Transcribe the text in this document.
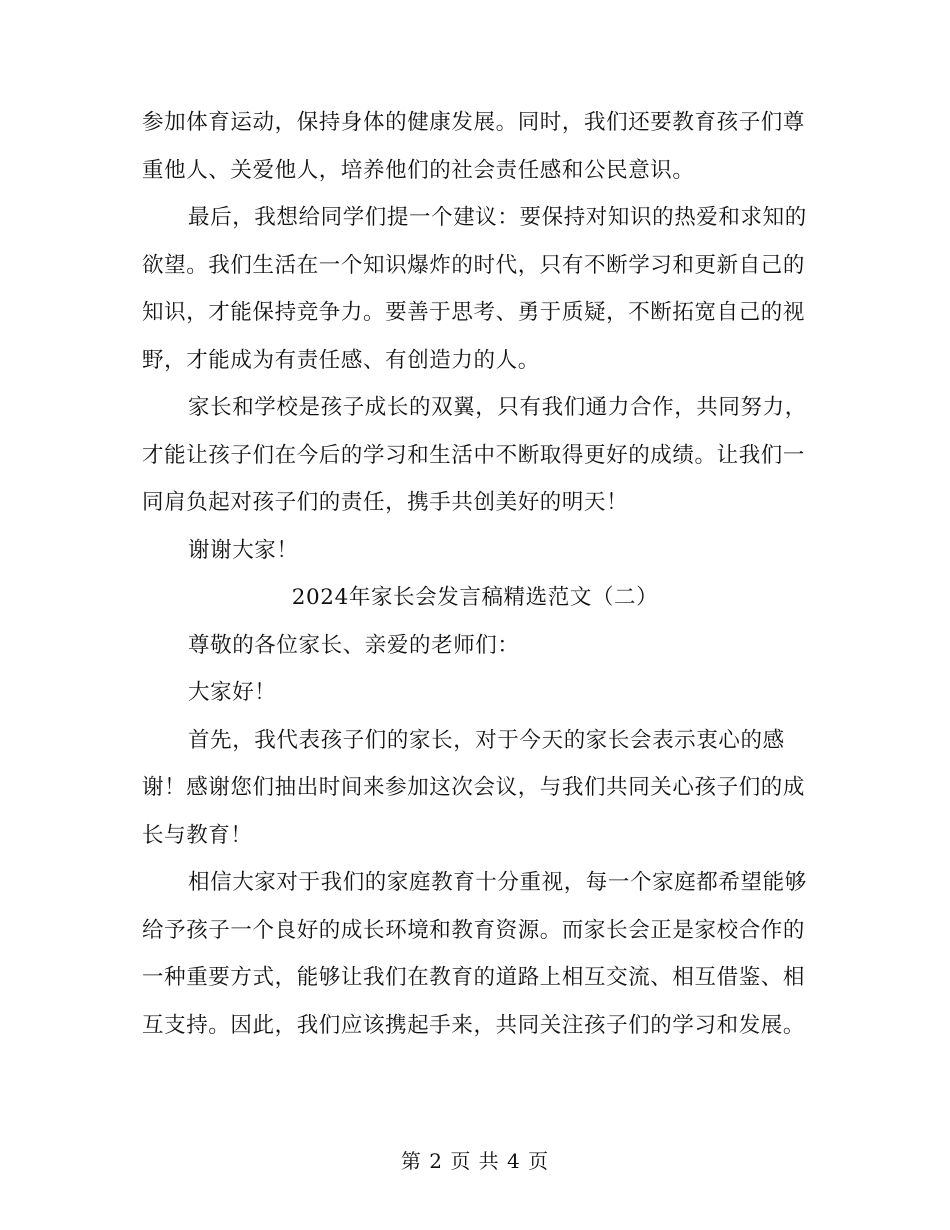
参加体育运动，保持身体的健康发展。同时，我们还要教育孩子们尊
重他人、关爱他人，培养他们的社会责任感和公民意识。
最后，我想给同学们提一个建议：要保持对知识的热爱和求知的
欲望。我们生活在一个知识爆炸的时代，只有不断学习和更新自己的
知识，才能保持竞争力。要善于思考、勇于质疑，不断拓宽自己的视
野，才能成为有责任感、有创造力的人。
家长和学校是孩子成长的双翼，只有我们通力合作，共同努力，
才能让孩子们在今后的学习和生活中不断取得更好的成绩。让我们一
同肩负起对孩子们的责任，携手共创美好的明天！
谢谢大家！
2024年家长会发言稿精选范文（二）
尊敬的各位家长、亲爱的老师们：
大家好！
首先，我代表孩子们的家长，对于今天的家长会表示衷心的感
谢！感谢您们抽出时间来参加这次会议，与我们共同关心孩子们的成
长与教育！
相信大家对于我们的家庭教育十分重视，每一个家庭都希望能够
给予孩子一个良好的成长环境和教育资源。而家长会正是家校合作的
一种重要方式，能够让我们在教育的道路上相互交流、相互借鉴、相
互支持。因此，我们应该携起手来，共同关注孩子们的学习和发展。
第 2 页 共 4 页
